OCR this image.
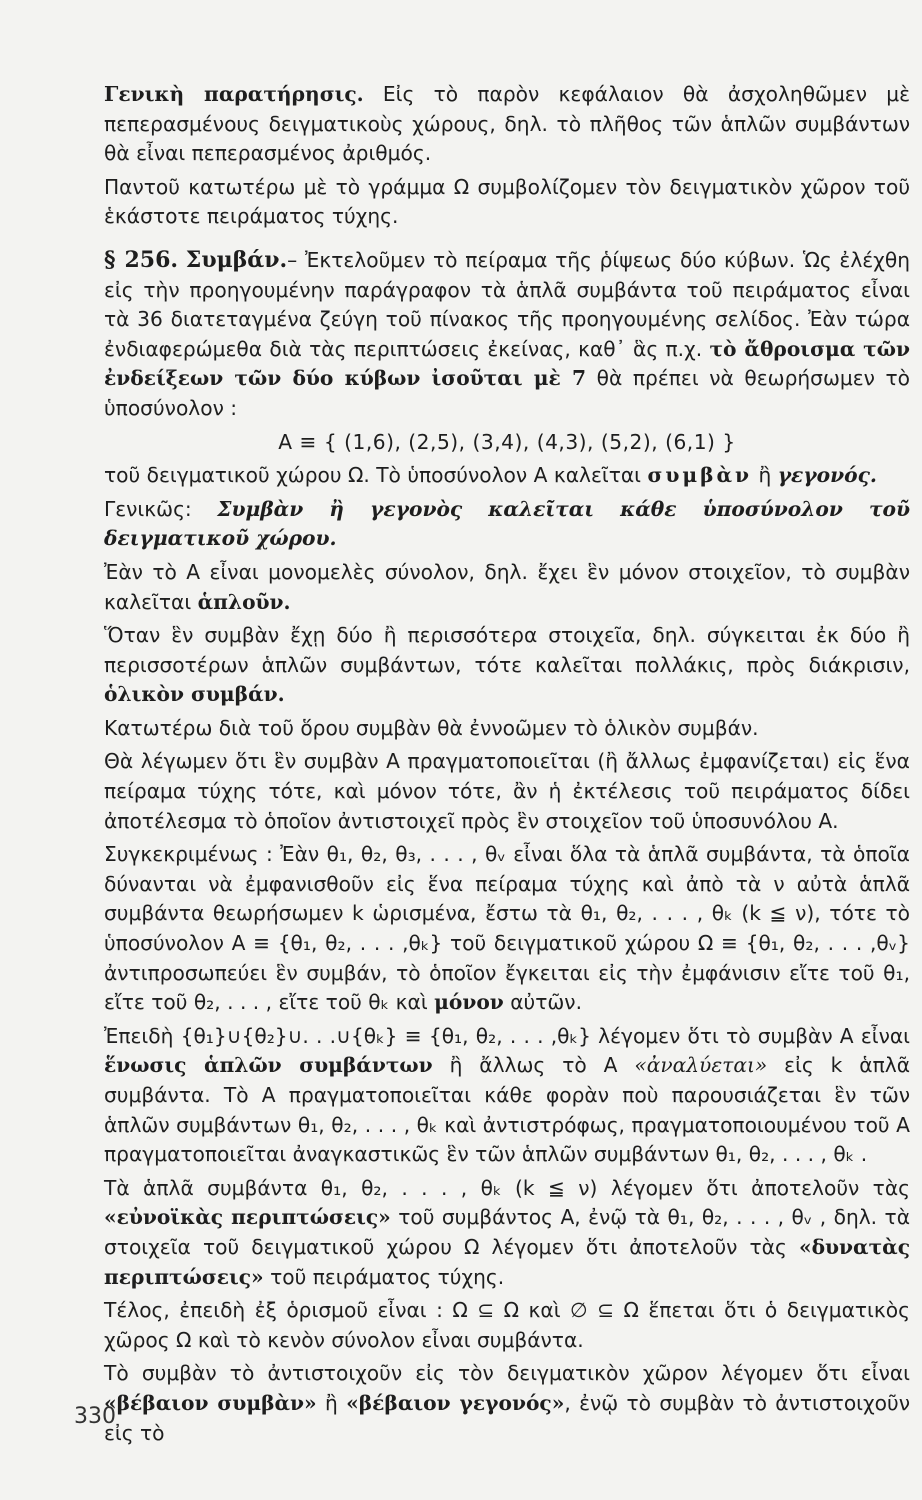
Γενικὴ παρατήρησις. Εἰς τὸ παρὸν κεφάλαιον θὰ ἀσχοληθῶμεν μὲ πεπερασμένους δειγματικοὺς χώρους, δηλ. τὸ πλῆθος τῶν ἁπλῶν συμβάντων θὰ εἶναι πεπερασμένος ἀριθμός.

Παντοῦ κατωτέρω μὲ τὸ γράμμα Ω συμβολίζομεν τὸν δειγματικὸν χῶρον τοῦ ἑκάστοτε πειράματος τύχης.

§ 256. Συμβάν.– Ἐκτελοῦμεν τὸ πείραμα τῆς ῥίψεως δύο κύβων. Ὡς ἐλέχθη εἰς τὴν προηγουμένην παράγραφον τὰ ἁπλᾶ συμβάντα τοῦ πειράματος εἶναι τὰ 36 διατεταγμένα ζεύγη τοῦ πίνακος τῆς προηγουμένης σελίδος. Ἐὰν τώρα ἐνδιαφερώμεθα διὰ τὰς περιπτώσεις ἐκείνας, καθ᾽ ἃς π.χ. τὸ ἄθροισμα τῶν ἐνδείξεων τῶν δύο κύβων ἰσοῦται μὲ 7 θὰ πρέπει νὰ θεωρήσωμεν τὸ ὑποσύνολον :

A ≡ { (1,6), (2,5), (3,4), (4,3), (5,2), (6,1) }

τοῦ δειγματικοῦ χώρου Ω. Τὸ ὑποσύνολον Α καλεῖται συμβὰν ἢ γεγονός.

Γενικῶς: Συμβὰν ἢ γεγονὸς καλεῖται κάθε ὑποσύνολον τοῦ δειγματικοῦ χώρου.

Ἐὰν τὸ Α εἶναι μονομελὲς σύνολον, δηλ. ἔχει ἓν μόνον στοιχεῖον, τὸ συμβὰν καλεῖται ἁπλοῦν.

Ὅταν ἓν συμβὰν ἔχῃ δύο ἢ περισσότερα στοιχεῖα, δηλ. σύγκειται ἐκ δύο ἢ περισσοτέρων ἁπλῶν συμβάντων, τότε καλεῖται πολλάκις, πρὸς διάκρισιν, ὁλικὸν συμβάν.

Κατωτέρω διὰ τοῦ ὅρου συμβὰν θὰ ἐννοῶμεν τὸ ὁλικὸν συμβάν.

Θὰ λέγωμεν ὅτι ἓν συμβὰν Α πραγματοποιεῖται (ἢ ἄλλως ἐμφανίζεται) εἰς ἕνα πείραμα τύχης τότε, καὶ μόνον τότε, ἂν ἡ ἐκτέλεσις τοῦ πειράματος δίδει ἀποτέλεσμα τὸ ὁποῖον ἀντιστοιχεῖ πρὸς ἓν στοιχεῖον τοῦ ὑποσυνόλου Α.

Συγκεκριμένως : Ἐὰν θ₁, θ₂, θ₃, . . . , θᵥ εἶναι ὅλα τὰ ἁπλᾶ συμβάντα, τὰ ὁποῖα δύνανται νὰ ἐμφανισθοῦν εἰς ἕνα πείραμα τύχης καὶ ἀπὸ τὰ ν αὐτὰ ἁπλᾶ συμβάντα θεωρήσωμεν k ὡρισμένα, ἔστω τὰ θ₁, θ₂, . . . , θₖ (k ≦ ν), τότε τὸ ὑποσύνολον Α ≡ {θ₁, θ₂, . . . ,θₖ} τοῦ δειγματικοῦ χώρου Ω ≡ {θ₁, θ₂, . . . ,θᵥ} ἀντιπροσωπεύει ἓν συμβάν, τὸ ὁποῖον ἔγκειται εἰς τὴν ἐμφάνισιν εἴτε τοῦ θ₁, εἴτε τοῦ θ₂, . . . , εἴτε τοῦ θₖ καὶ μόνον αὐτῶν.

Ἐπειδὴ {θ₁}∪{θ₂}∪. . .∪{θₖ} ≡ {θ₁, θ₂, . . . ,θₖ} λέγομεν ὅτι τὸ συμβὰν Α εἶναι ἕνωσις ἁπλῶν συμβάντων ἢ ἄλλως τὸ Α «ἀναλύεται» εἰς k ἁπλᾶ συμβάντα. Τὸ Α πραγματοποιεῖται κάθε φορὰν ποὺ παρουσιάζεται ἓν τῶν ἁπλῶν συμβάντων θ₁, θ₂, . . . , θₖ καὶ ἀντιστρόφως, πραγματοποιουμένου τοῦ Α πραγματοποιεῖται ἀναγκαστικῶς ἓν τῶν ἁπλῶν συμβάντων θ₁, θ₂, . . . , θₖ .

Τὰ ἁπλᾶ συμβάντα θ₁, θ₂, . . . , θₖ (k ≦ ν) λέγομεν ὅτι ἀποτελοῦν τὰς «εὐνοϊκὰς περιπτώσεις» τοῦ συμβάντος Α, ἐνῷ τὰ θ₁, θ₂, . . . , θᵥ , δηλ. τὰ στοιχεῖα τοῦ δειγματικοῦ χώρου Ω λέγομεν ὅτι ἀποτελοῦν τὰς «δυνατὰς περιπτώσεις» τοῦ πειράματος τύχης.

Τέλος, ἐπειδὴ ἐξ ὁρισμοῦ εἶναι : Ω ⊆ Ω καὶ ∅ ⊆ Ω ἕπεται ὅτι ὁ δειγματικὸς χῶρος Ω καὶ τὸ κενὸν σύνολον εἶναι συμβάντα.

Τὸ συμβὰν τὸ ἀντιστοιχοῦν εἰς τὸν δειγματικὸν χῶρον λέγομεν ὅτι εἶναι «βέβαιον συμβὰν» ἢ «βέβαιον γεγονός», ἐνῷ τὸ συμβὰν τὸ ἀντιστοιχοῦν εἰς τὸ

330
